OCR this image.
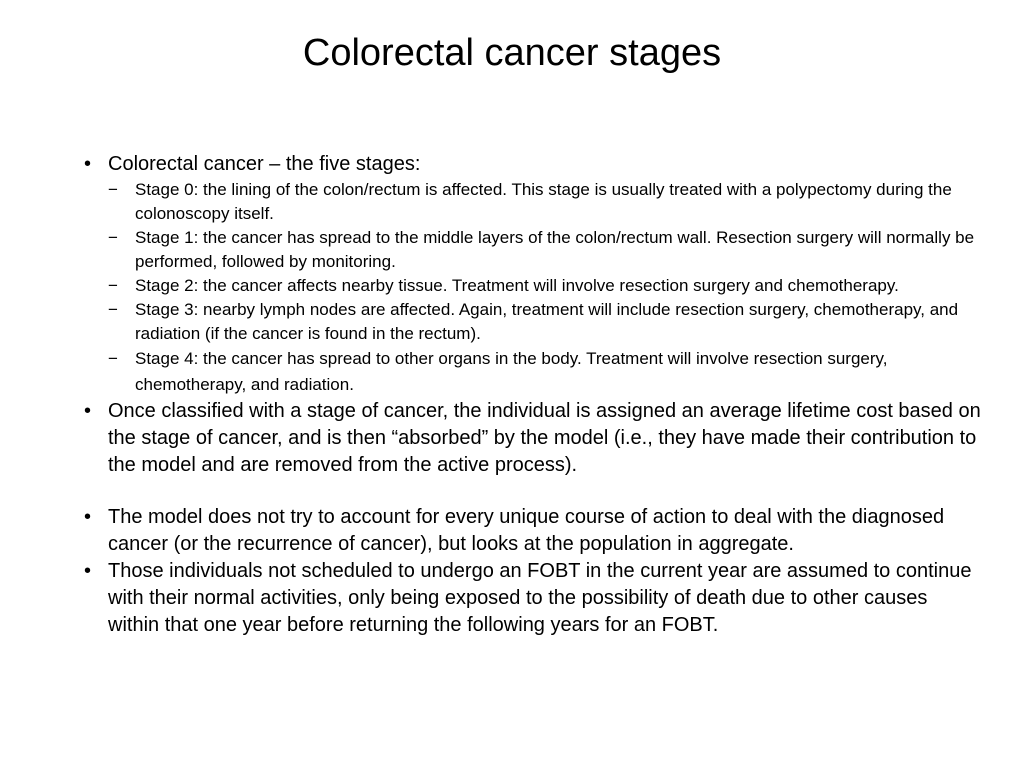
Colorectal cancer stages
• Colorectal cancer – the five stages:
− Stage 0: the lining of the colon/rectum is affected. This stage is usually treated with a polypectomy during the colonoscopy itself.
− Stage 1: the cancer has spread to the middle layers of the colon/rectum wall. Resection surgery will normally be performed, followed by monitoring.
− Stage 2: the cancer affects nearby tissue. Treatment will involve resection surgery and chemotherapy.
− Stage 3: nearby lymph nodes are affected. Again, treatment will include resection surgery, chemotherapy, and radiation (if the cancer is found in the rectum).
− Stage 4: the cancer has spread to other organs in the body. Treatment will involve resection surgery, chemotherapy, and radiation.
• Once classified with a stage of cancer, the individual is assigned an average lifetime cost based on the stage of cancer, and is then “absorbed” by the model (i.e., they have made their contribution to the model and are removed from the active process).
• The model does not try to account for every unique course of action to deal with the diagnosed cancer (or the recurrence of cancer), but looks at the population in aggregate.
• Those individuals not scheduled to undergo an FOBT in the current year are assumed to continue with their normal activities, only being exposed to the possibility of death due to other causes within that one year before returning the following years for an FOBT.
